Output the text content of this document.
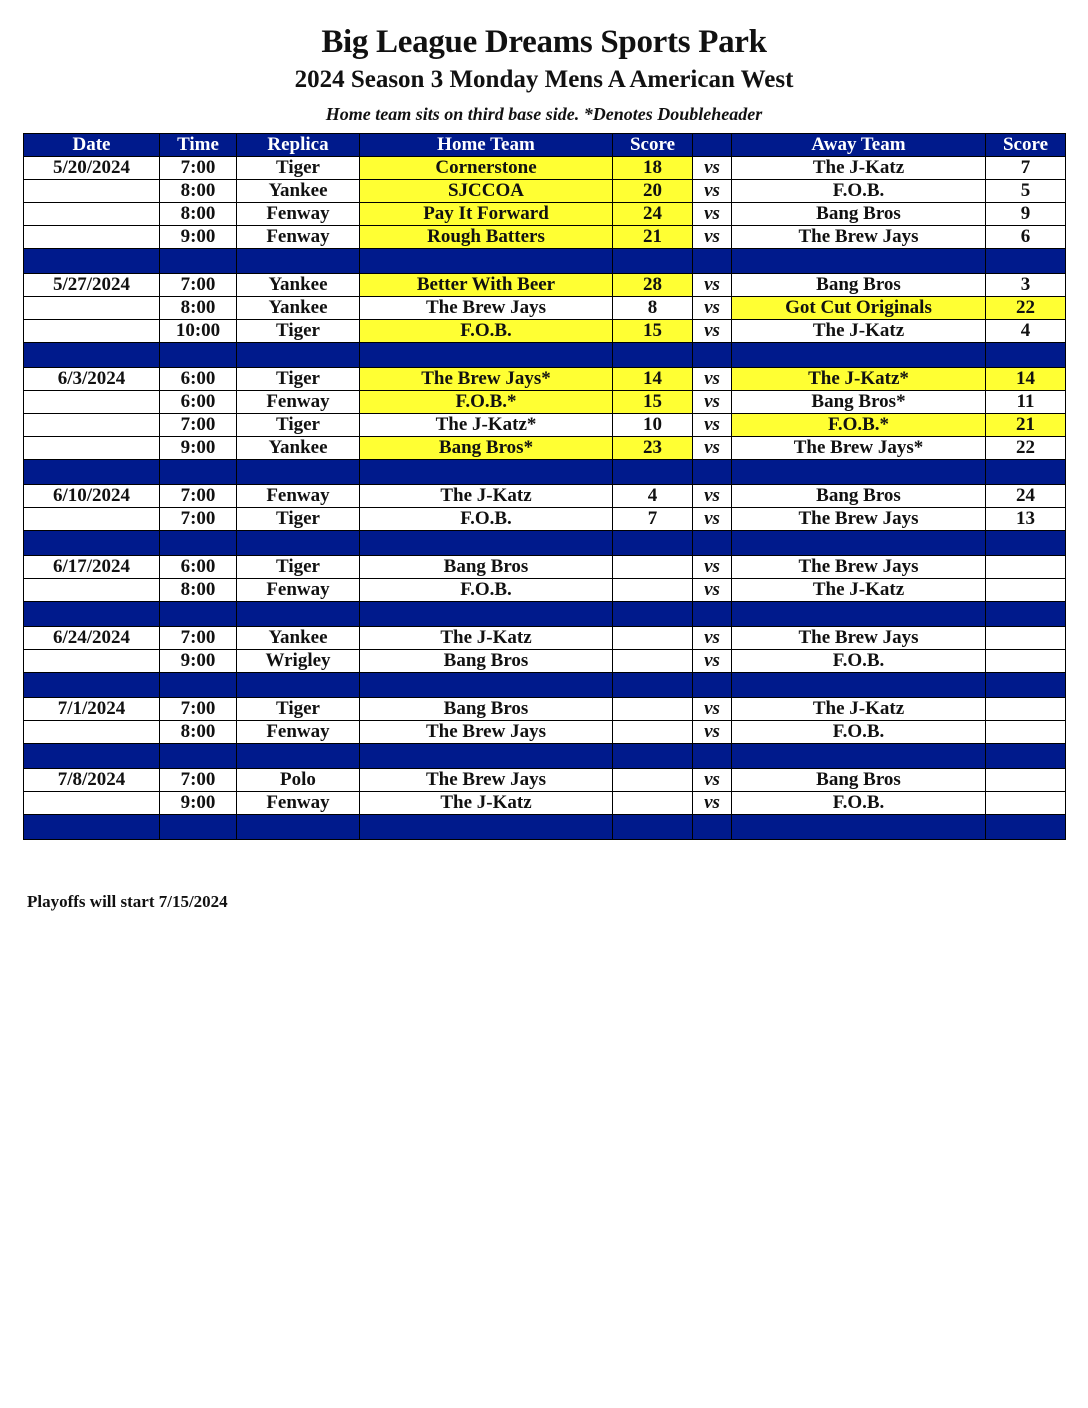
Big League Dreams Sports Park
2024 Season 3 Monday Mens A American West
Home team sits on third base side. *Denotes Doubleheader
Date	Time	Replica	Home Team	Score		Away Team	Score
5/20/2024	7:00	Tiger	Cornerstone	18	vs	The J-Katz	7
	8:00	Yankee	SJCCOA	20	vs	F.O.B.	5
	8:00	Fenway	Pay It Forward	24	vs	Bang Bros	9
	9:00	Fenway	Rough Batters	21	vs	The Brew Jays	6

5/27/2024	7:00	Yankee	Better With Beer	28	vs	Bang Bros	3
	8:00	Yankee	The Brew Jays	8	vs	Got Cut Originals	22
	10:00	Tiger	F.O.B.	15	vs	The J-Katz	4

6/3/2024	6:00	Tiger	The Brew Jays*	14	vs	The J-Katz*	14
	6:00	Fenway	F.O.B.*	15	vs	Bang Bros*	11
	7:00	Tiger	The J-Katz*	10	vs	F.O.B.*	21
	9:00	Yankee	Bang Bros*	23	vs	The Brew Jays*	22

6/10/2024	7:00	Fenway	The J-Katz	4	vs	Bang Bros	24
	7:00	Tiger	F.O.B.	7	vs	The Brew Jays	13

6/17/2024	6:00	Tiger	Bang Bros		vs	The Brew Jays	
	8:00	Fenway	F.O.B.		vs	The J-Katz	

6/24/2024	7:00	Yankee	The J-Katz		vs	The Brew Jays	
	9:00	Wrigley	Bang Bros		vs	F.O.B.	

7/1/2024	7:00	Tiger	Bang Bros		vs	The J-Katz	
	8:00	Fenway	The Brew Jays		vs	F.O.B.	

7/8/2024	7:00	Polo	The Brew Jays		vs	Bang Bros	
	9:00	Fenway	The J-Katz		vs	F.O.B.	

Playoffs will start 7/15/2024
